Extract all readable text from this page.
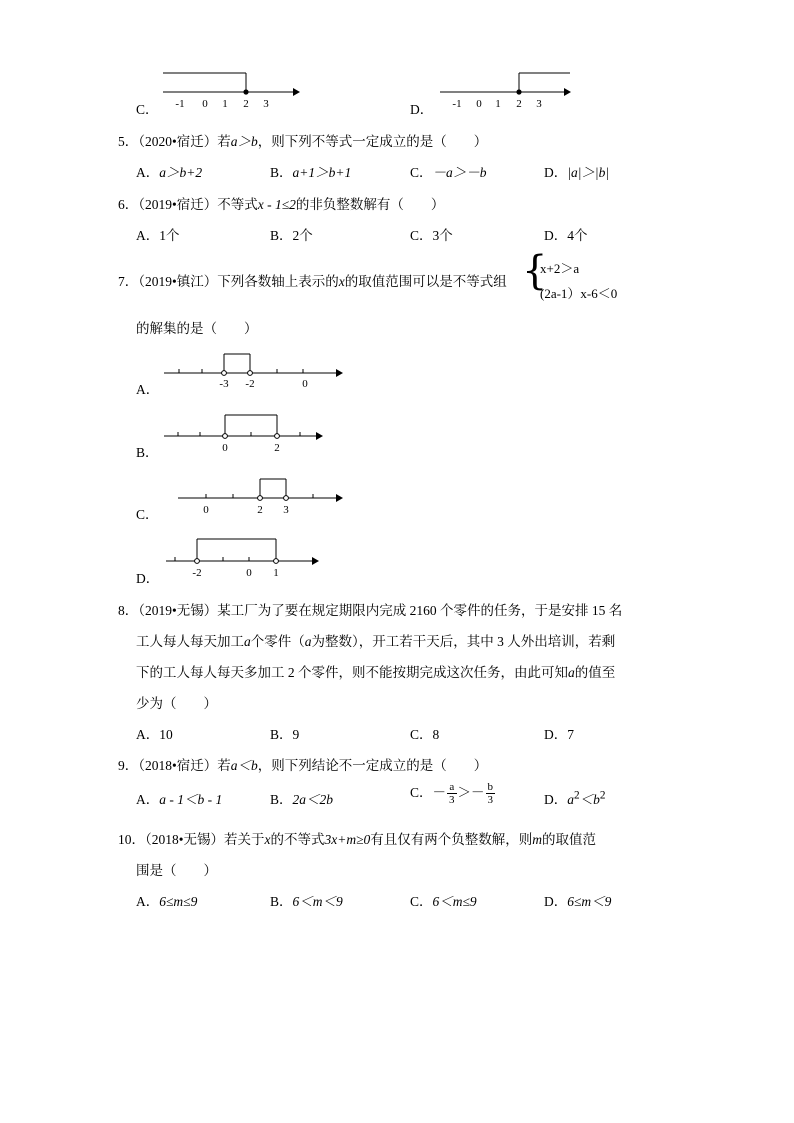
C． -1 0 1 2 3	D． -1 0 1 2 3
5．（2020•宿迁）若a＞b，则下列不等式一定成立的是（　　）
A．a＞b+2	B．a+1＞b+1	C．－a＞－b	D．|a|＞|b|
6．（2019•宿迁）不等式x - 1≤2的非负整数解有（　　）
A．1个	B．2个	C．3个	D．4个
7．（2019•镇江）下列各数轴上表示的x的取值范围可以是不等式组 {
x+2＞a
(2a-1）x-6＜0
的解集的是（　　）
A．	-3 -2	0
B．	0	2
C．	0	2 3
D．	-2	0 1
8．（2019•无锡）某工厂为了要在规定期限内完成 2160 个零件的任务，于是安排 15 名
工人每人每天加工a个零件（a为整数），开工若干天后，其中 3 人外出培训，若剩
下的工人每人每天多加工 2 个零件，则不能按期完成这次任务，由此可知a的值至
少为（　　）
A．10	B．9	C．8	D．7
9．（2018•宿迁）若a＜b，则下列结论不一定成立的是（　　）
A．a - 1＜b - 1	B．2a＜2b	C．－ $\frac{a}{3} >- \frac{b}{3}$	D．$a^2<b^2$
10．（2018•无锡）若关于x的不等式3x+m≥0有且仅有两个负整数解，则m的取值范
围是（　　）
A．6≤m≤9	B．6＜m＜9	C．6＜m≤9	D．6≤m＜9
